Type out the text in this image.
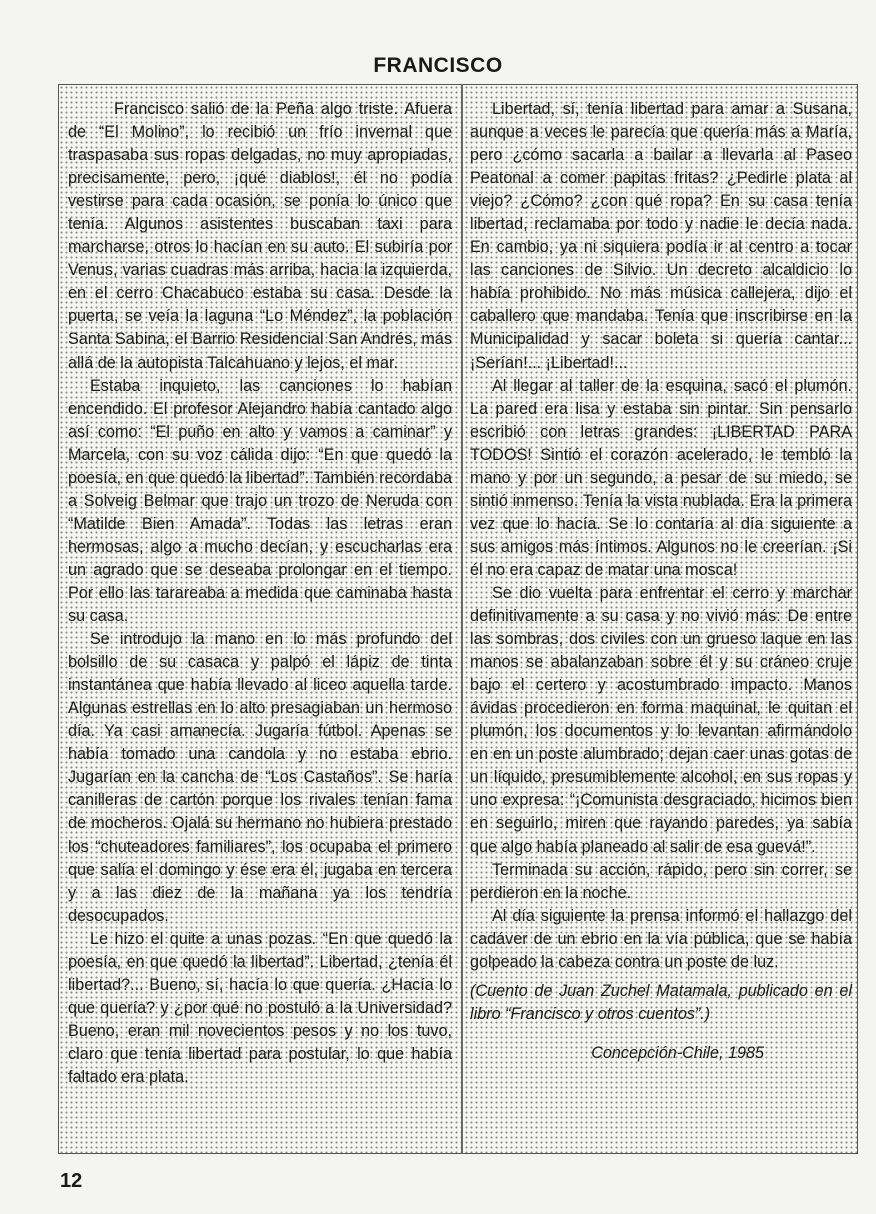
FRANCISCO

Francisco salió de la Peña algo triste. Afuera de “El Molino”, lo recibió un frío invernal que traspasaba sus ropas delgadas, no muy apropiadas, precisamente, pero, ¡qué diablos!, él no podía vestirse para cada ocasión, se ponía lo único que tenía. Algunos asistentes buscaban taxi para marcharse, otros lo hacían en su auto. El subiría por Venus, varias cuadras más arriba, hacia la izquierda, en el cerro Chacabuco estaba su casa. Desde la puerta, se veía la laguna “Lo Méndez”, la población Santa Sabina, el Barrio Residencial San Andrés, más allá de la autopista Talcahuano y lejos, el mar.

Estaba inquieto, las canciones lo habían encendido. El profesor Alejandro había cantado algo así como: “El puño en alto y vamos a caminar” y Marcela, con su voz cálida dijo: “En que quedó la poesía, en que quedó la libertad”. También recordaba a Solveig Belmar que trajo un trozo de Neruda con “Matilde Bien Amada”. Todas las letras eran hermosas, algo a mucho decían, y escucharlas era un agrado que se deseaba prolongar en el tiempo. Por ello las tarareaba a medida que caminaba hasta su casa.

Se introdujo la mano en lo más profundo del bolsillo de su casaca y palpó el lápiz de tinta instantánea que había llevado al liceo aquella tarde. Algunas estrellas en lo alto presagiaban un hermoso día. Ya casi amanecía. Jugaría fútbol. Apenas se había tomado una candola y no estaba ebrio. Jugarían en la cancha de “Los Castaños”. Se haría canilleras de cartón porque los rivales tenían fama de mocheros. Ojalá su hermano no hubiera prestado los “chuteadores familiares”, los ocupaba el primero que salía el domingo y ése era él, jugaba en tercera y a las diez de la mañana ya los tendría desocupados.

Le hizo el quite a unas pozas. “En que quedó la poesía, en que quedó la libertad”. Libertad, ¿tenía él libertad?... Bueno, sí, hacía lo que quería. ¿Hacía lo que quería? y ¿por qué no postuló a la Universidad? Bueno, eran mil novecientos pesos y no los tuvo, claro que tenía libertad para postular, lo que había faltado era plata.

Libertad, sí, tenía libertad para amar a Susana, aunque a veces le parecía que quería más a María, pero ¿cómo sacarla a bailar a llevarla al Paseo Peatonal a comer papitas fritas? ¿Pedirle plata al viejo? ¿Cómo? ¿con qué ropa? En su casa tenía libertad, reclamaba por todo y nadie le decía nada. En cambio, ya ni siquiera podía ir al centro a tocar las canciones de Silvio. Un decreto alcaldicio lo había prohibido. No más música callejera, dijo el caballero que mandaba. Tenía que inscribirse en la Municipalidad y sacar boleta si quería cantar... ¡Serían!... ¡Libertad!...

Al llegar al taller de la esquina, sacó el plumón. La pared era lisa y estaba sin pintar. Sin pensarlo escribió con letras grandes: ¡LIBERTAD PARA TODOS! Sintió el corazón acelerado, le tembló la mano y por un segundo, a pesar de su miedo, se sintió inmenso. Tenía la vista nublada. Era la primera vez que lo hacía. Se lo contaría al día siguiente a sus amigos más íntimos. Algunos no le creerían. ¡Si él no era capaz de matar una mosca!

Se dio vuelta para enfrentar el cerro y marchar definitivamente a su casa y no vivió más: De entre las sombras, dos civiles con un grueso laque en las manos se abalanzaban sobre él y su cráneo cruje bajo el certero y acostumbrado impacto. Manos ávidas procedieron en forma maquinal, le quitan el plumón, los documentos y lo levantan afirmándolo en en un poste alumbrado; dejan caer unas gotas de un líquido, presumiblemente alcohol, en sus ropas y uno expresa: “¡Comunista desgraciado, hicimos bien en seguirlo, miren que rayando paredes, ya sabía que algo había planeado al salir de esa guevá!”.

Terminada su acción, rápido, pero sin correr, se perdieron en la noche.

Al día siguiente la prensa informó el hallazgo del cadáver de un ebrio en la vía pública, que se había golpeado la cabeza contra un poste de luz.

(Cuento de Juan Zuchel Matamala, publicado en el libro “Francisco y otros cuentos”.)

Concepción-Chile, 1985

12
